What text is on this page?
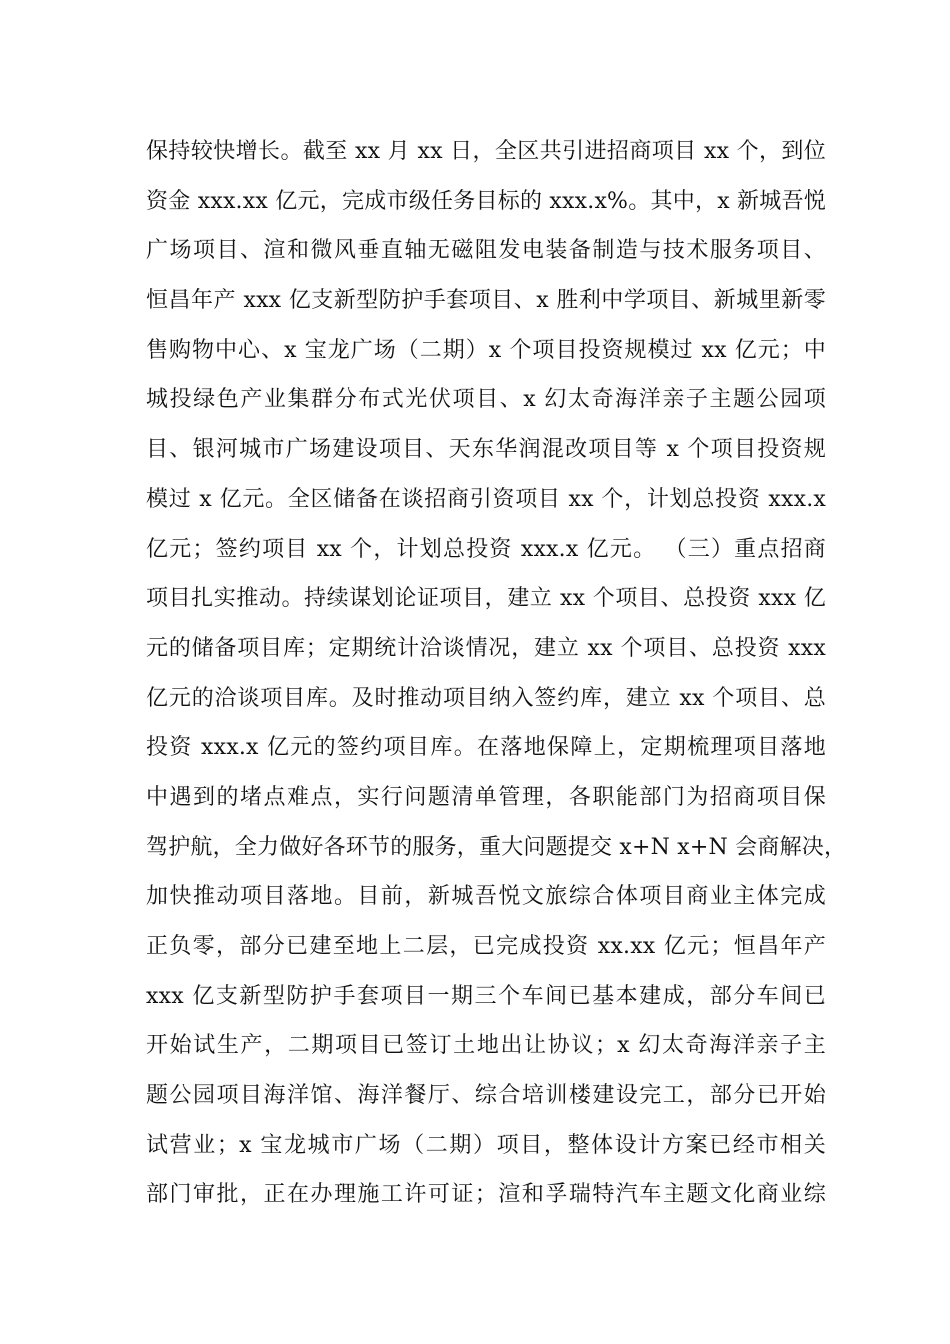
保持较快增长。截至 xx 月 xx 日，全区共引进招商项目 xx 个，到位
资金 xxx.xx 亿元，完成市级任务目标的 xxx.x%。其中，x 新城吾悦
广场项目、渲和微风垂直轴无磁阻发电装备制造与技术服务项目、
恒昌年产 xxx 亿支新型防护手套项目、x 胜利中学项目、新城里新零
售购物中心、x 宝龙广场（二期）x 个项目投资规模过 xx 亿元；中
城投绿色产业集群分布式光伏项目、x 幻太奇海洋亲子主题公园项
目、银河城市广场建设项目、天东华润混改项目等 x 个项目投资规
模过 x 亿元。全区储备在谈招商引资项目 xx 个，计划总投资 xxx.x
亿元；签约项目 xx 个，计划总投资 xxx.x 亿元。 （三）重点招商
项目扎实推动。持续谋划论证项目，建立 xx 个项目、总投资 xxx 亿
元的储备项目库；定期统计洽谈情况，建立 xx 个项目、总投资 xxx
亿元的洽谈项目库。及时推动项目纳入签约库，建立 xx 个项目、总
投资 xxx.x 亿元的签约项目库。在落地保障上，定期梳理项目落地
中遇到的堵点难点，实行问题清单管理，各职能部门为招商项目保
驾护航，全力做好各环节的服务，重大问题提交 x+N x+N 会商解决，
加快推动项目落地。目前，新城吾悦文旅综合体项目商业主体完成
正负零，部分已建至地上二层，已完成投资 xx.xx 亿元；恒昌年产
xxx 亿支新型防护手套项目一期三个车间已基本建成，部分车间已
开始试生产，二期项目已签订土地出让协议；x 幻太奇海洋亲子主
题公园项目海洋馆、海洋餐厅、综合培训楼建设完工，部分已开始
试营业；x 宝龙城市广场（二期）项目，整体设计方案已经市相关
部门审批，正在办理施工许可证；渲和孚瑞特汽车主题文化商业综
